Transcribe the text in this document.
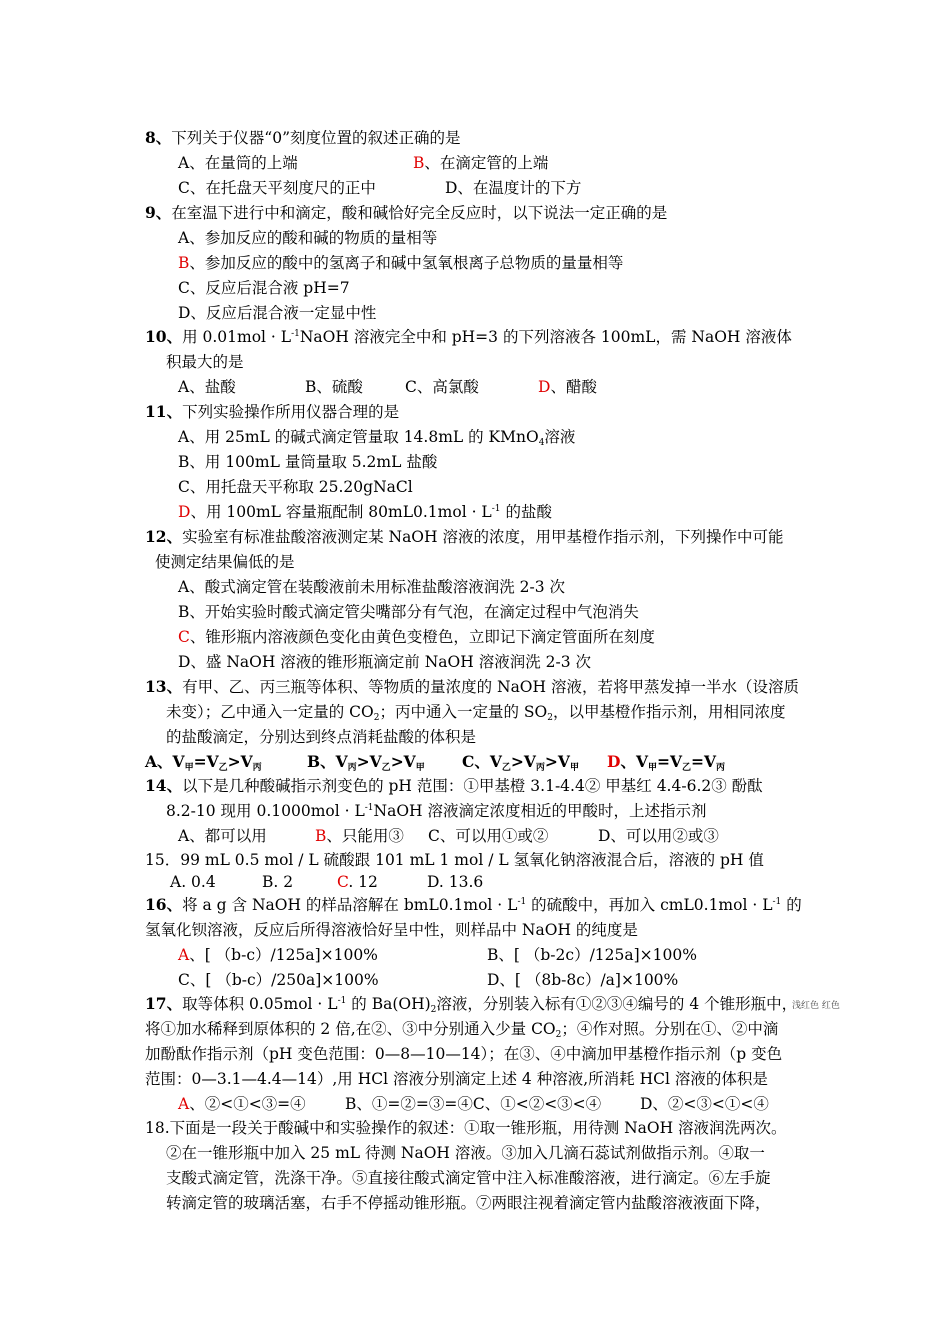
8、下列关于仪器“0”刻度位置的叙述正确的是
A、在量筒的上端	B、在滴定管的上端
C、在托盘天平刻度尺的正中	D、在温度计的下方
9、在室温下进行中和滴定，酸和碱恰好完全反应时，以下说法一定正确的是
A、参加反应的酸和碱的物质的量相等
B、参加反应的酸中的氢离子和碱中氢氧根离子总物质的量量相等
C、反应后混合液 pH=7
D、反应后混合液一定显中性
10、用 $0.01mol \cdot L^{-1}NaOH$ 溶液完全中和 pH=3 的下列溶液各 100mL，需 NaOH 溶液体
积最大的是
A、盐酸	B、硫酸	C、高氯酸	D、醋酸
11、下列实验操作所用仪器合理的是
A、用 25mL 的碱式滴定管量取 14.8mL 的 KMnO$_4$溶液
B、用 100mL 量筒量取 5.2mL 盐酸
C、用托盘天平称取 25.20gNaCl
D、用 100mL 容量瓶配制 $80mL0.1mol \cdot L^{-1}$ 的盐酸
12、实验室有标准盐酸溶液测定某 NaOH 溶液的浓度，用甲基橙作指示剂，下列操作中可能
使测定结果偏低的是
A、酸式滴定管在装酸液前未用标准盐酸溶液润洗 2-3 次
B、开始实验时酸式滴定管尖嘴部分有气泡，在滴定过程中气泡消失
C、锥形瓶内溶液颜色变化由黄色变橙色，立即记下滴定管面所在刻度
D、盛 NaOH 溶液的锥形瓶滴定前 NaOH 溶液润洗 2-3 次
13、有甲、乙、丙三瓶等体积、等物质的量浓度的 NaOH 溶液，若将甲蒸发掉一半水（设溶质
未变）；乙中通入一定量的 $CO_2$；丙中通入一定量的 $SO_2$，以甲基橙作指示剂，用相同浓度
的盐酸滴定，分别达到终点消耗盐酸的体积是
A、$V_甲=V_乙>V_丙$	B、$V_丙>V_乙>V_甲$ C、$V_乙>V_丙>V_甲$ D、$V_甲=V_乙=V_丙$
14、以下是几种酸碱指示剂变色的 pH 范围：①甲基橙 3.1-4.4② 甲基红 4.4-6.2③ 酚酞
8.2-10 现用 $0.1000mol \cdot L^{-1}NaOH$ 溶液滴定浓度相近的甲酸时，上述指示剂
A、都可以用	B、只能用③ C、可以用①或②	D、可以用②或③
15．99 mL 0.5 mol / L 硫酸跟 101 mL 1 mol / L 氢氧化钠溶液混合后，溶液的 pH 值
A. 0.4	B. 2	C. 12	D. 13.6
16、将 a g 含 NaOH 的样品溶解在 $bmL0.1mol \cdot L^{-1}$ 的硫酸中，再加入 $cmL0.1mol \cdot L^{-1}$ 的
氢氧化钡溶液，反应后所得溶液恰好呈中性，则样品中 NaOH 的纯度是
A、[ （b-c）/125a]×100%	B、[ （b-2c）/125a]×100%
C、[ （b-c）/250a]×100%	D、[ （8b-8c）/a]×100%
17、取等体积 $0.05mol \cdot L^{-1}$ 的 $Ba(OH)_2$溶液，分别装入标有①②③④编号的 4 个锥形瓶中，
浅红色 红色
将①加水稀释到原体积的 2 倍,在②、③中分别通入少量 $CO_2$；④作对照。分别在①、②中滴
加酚酞作指示剂（pH 变色范围：0—8—10—14）；在③、④中滴加甲基橙作指示剂（p 变色
范围：0—3.1—4.4—14）,用 HCl 溶液分别滴定上述 4 种溶液,所消耗 HCl 溶液的体积是
A、②<①<③=④	B、①=②=③=④C、①<②<③<④	D、②<③<①<④
18.下面是一段关于酸碱中和实验操作的叙述：①取一锥形瓶，用待测 NaOH 溶液润洗两次。
②在一锥形瓶中加入 25 mL 待测 NaOH 溶液。③加入几滴石蕊试剂做指示剂。④取一
支酸式滴定管，洗涤干净。⑤直接往酸式滴定管中注入标准酸溶液，进行滴定。⑥左手旋
转滴定管的玻璃活塞，右手不停摇动锥形瓶。⑦两眼注视着滴定管内盐酸溶液液面下降，
